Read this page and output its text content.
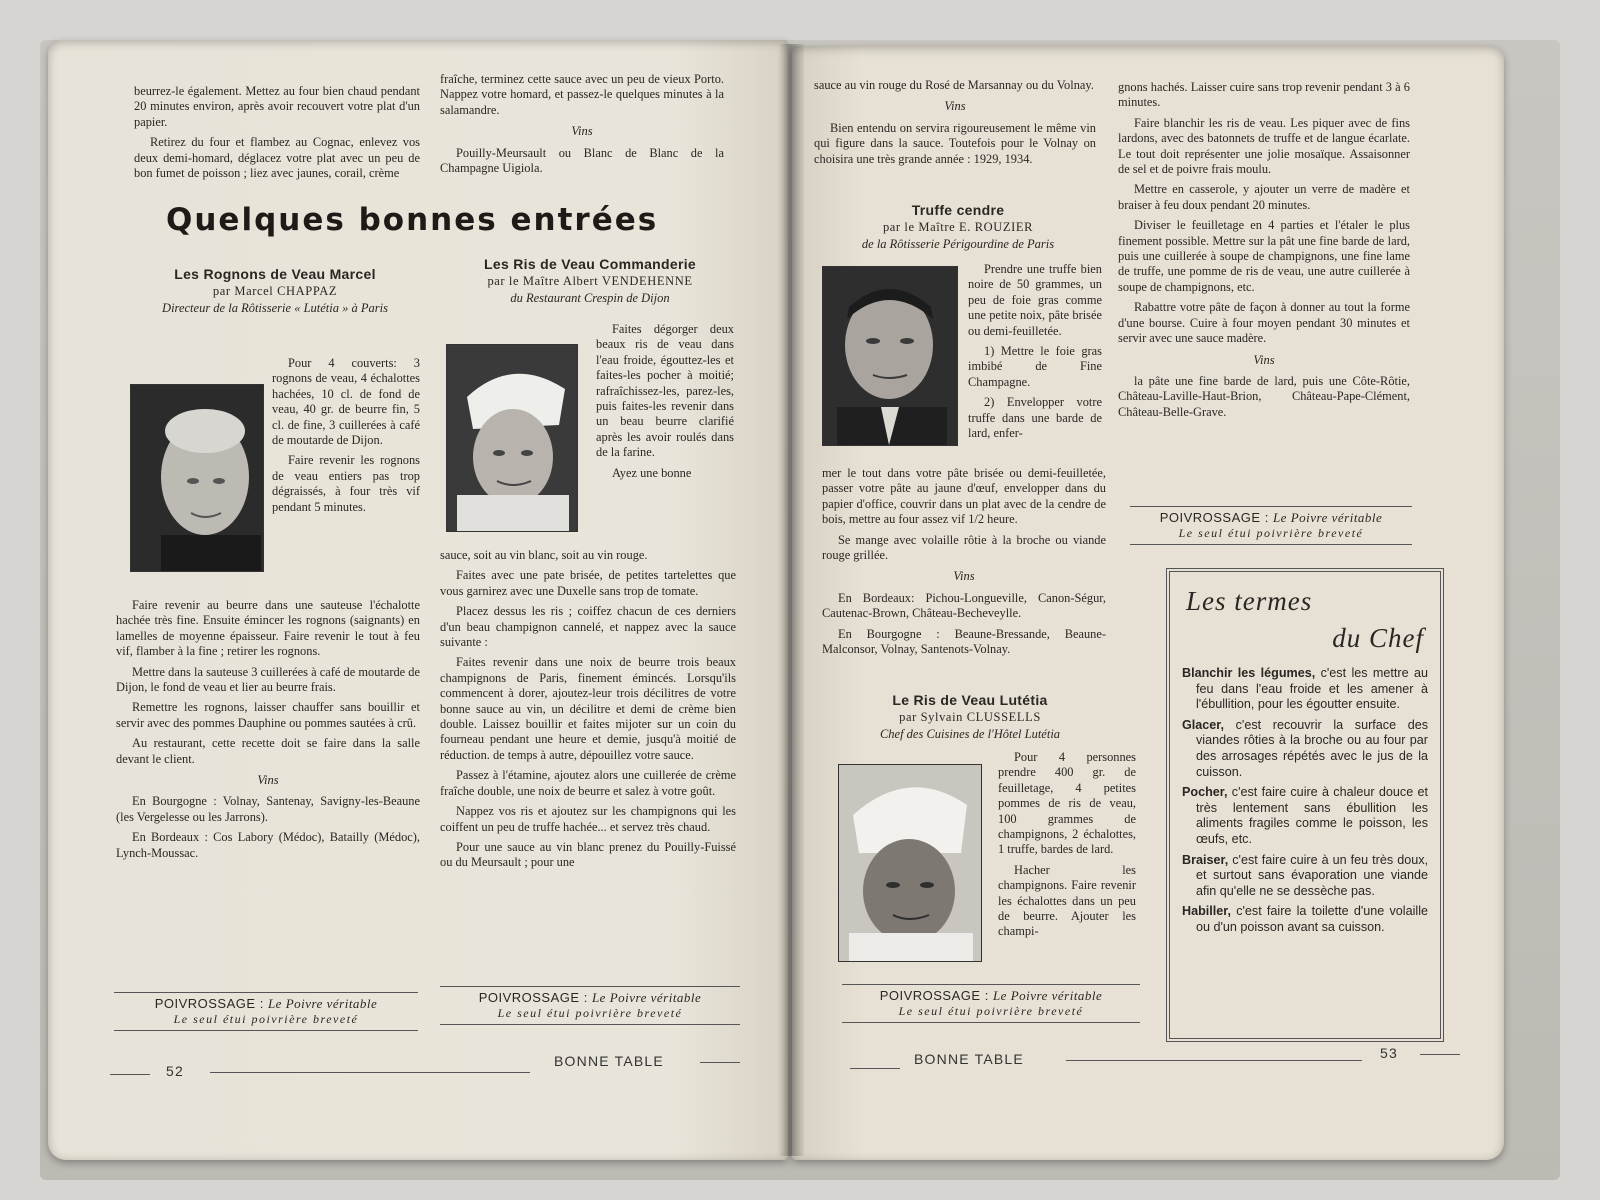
beurrez-le également. Mettez au four bien chaud pendant 20 minutes environ, après avoir recouvert votre plat d'un papier.

Retirez du four et flambez au Cognac, enlevez vos deux demi-homard, déglacez votre plat avec un peu de bon fumet de poisson ; liez avec jaunes, corail, crème

fraîche, terminez cette sauce avec un peu de vieux Porto. Nappez votre homard, et passez-le quelques minutes à la salamandre.

Vins

Pouilly-Meursault ou Blanc de Blanc de la Champagne Uigiola.

Quelques bonnes entrées
Les Rognons de Veau Marcel
par Marcel CHAPPAZ
Directeur de la Rôtisserie « Lutétia » à Paris

Pour 4 couverts: 3 rognons de veau, 4 échalottes hachées, 10 cl. de fond de veau, 40 gr. de beurre fin, 5 cl. de fine, 3 cuillerées à café de moutarde de Dijon.

Faire revenir les rognons de veau entiers pas trop dégraissés, à four très vif pendant 5 minutes.

Faire revenir au beurre dans une sauteuse l'échalotte hachée très fine. Ensuite émincer les rognons (saignants) en lamelles de moyenne épaisseur. Faire revenir le tout à feu vif, flamber à la fine ; retirer les rognons.

Mettre dans la sauteuse 3 cuillerées à café de moutarde de Dijon, le fond de veau et lier au beurre frais.

Remettre les rognons, laisser chauffer sans bouillir et servir avec des pommes Dauphine ou pommes sautées à crû.

Au restaurant, cette recette doit se faire dans la salle devant le client.

Vins

En Bourgogne : Volnay, Santenay, Savigny-les-Beaune (les Vergelesse ou les Jarrons).

En Bordeaux : Cos Labory (Médoc), Batailly (Médoc), Lynch-Moussac.

POIVROSSAGE : Le Poivre véritable
Le seul étui poivrière breveté
Les Ris de Veau Commanderie
par le Maître Albert VENDEHENNE
du Restaurant Crespin de Dijon

Faites dégorger deux beaux ris de veau dans l'eau froide, égouttez-les et faites-les pocher à moitié; rafraîchissez-les, parez-les, puis faites-les revenir dans un beau beurre clarifié après les avoir roulés dans de la farine.

Ayez une bonne

sauce, soit au vin blanc, soit au vin rouge.

Faites avec une pate brisée, de petites tartelettes que vous garnirez avec une Duxelle sans trop de tomate.

Placez dessus les ris ; coiffez chacun de ces derniers d'un beau champignon cannelé, et nappez avec la sauce suivante :

Faites revenir dans une noix de beurre trois beaux champignons de Paris, finement émincés. Lorsqu'ils commencent à dorer, ajoutez-leur trois décilitres de votre bonne sauce au vin, un décilitre et demi de crème bien double. Laissez bouillir et faites mijoter sur un coin du fourneau pendant une heure et demie, jusqu'à moitié de réduction. de temps à autre, dépouillez votre sauce.

Passez à l'étamine, ajoutez alors une cuillerée de crème fraîche double, une noix de beurre et salez à votre goût.

Nappez vos ris et ajoutez sur les champignons qui les coiffent un peu de truffe hachée... et servez très chaud.

Pour une sauce au vin blanc prenez du Pouilly-Fuissé ou du Meursault ; pour une

POIVROSSAGE : Le Poivre véritable
Le seul étui poivrière breveté
52
BONNE TABLE

sauce au vin rouge du Rosé de Marsannay ou du Volnay.

Vins

Bien entendu on servira rigoureusement le même vin qui figure dans la sauce. Toutefois pour le Volnay on choisira une très grande année : 1929, 1934.

Truffe cendre
par le Maître E. ROUZIER
de la Rôtisserie Périgourdine de Paris

Prendre une truffe bien noire de 50 grammes, un peu de foie gras comme une petite noix, pâte brisée ou demi-feuilletée.

1) Mettre le foie gras imbibé de Fine Champagne.

2) Envelopper votre truffe dans une barde de lard, enfer-

mer le tout dans votre pâte brisée ou demi-feuilletée, passer votre pâte au jaune d'œuf, envelopper dans du papier d'office, couvrir dans un plat avec de la cendre de bois, mettre au four assez vif 1/2 heure.

Se mange avec volaille rôtie à la broche ou viande rouge grillée.

Vins

En Bordeaux: Pichou-Longueville, Canon-Ségur, Cautenac-Brown, Château-Becheveylle.

En Bourgogne : Beaune-Bressande, Beaune-Malconsor, Volnay, Santenots-Volnay.

Le Ris de Veau Lutétia
par Sylvain CLUSSELLS
Chef des Cuisines de l'Hôtel Lutétia

Pour 4 personnes prendre 400 gr. de feuilletage, 4 petites pommes de ris de veau, 100 grammes de champignons, 2 échalottes, 1 truffe, bardes de lard.

Hacher les champignons. Faire revenir les échalottes dans un peu de beurre. Ajouter les champi-

POIVROSSAGE : Le Poivre véritable
Le seul étui poivrière breveté

gnons hachés. Laisser cuire sans trop revenir pendant 3 à 6 minutes.

Faire blanchir les ris de veau. Les piquer avec de fins lardons, avec des batonnets de truffe et de langue écarlate. Le tout doit représenter une jolie mosaïque. Assaisonner de sel et de poivre frais moulu.

Mettre en casserole, y ajouter un verre de madère et braiser à feu doux pendant 20 minutes.

Diviser le feuilletage en 4 parties et l'étaler le plus finement possible. Mettre sur la pât une fine barde de lard, puis une cuillerée à soupe de champignons, une fine lame de truffe, une pomme de ris de veau, une autre cuillerée à soupe de champignons, etc.

Rabattre votre pâte de façon à donner au tout la forme d'une bourse. Cuire à four moyen pendant 30 minutes et servir avec une sauce madère.

Vins

la pâte une fine barde de lard, puis une Côte-Rôtie, Château-Laville-Haut-Brion, Château-Pape-Clément, Château-Belle-Grave.

POIVROSSAGE : Le Poivre véritable
Le seul étui poivrière breveté
Les termes
du Chef
Blanchir les légumes, c'est les mettre au feu dans l'eau froide et les amener à l'ébullition, pour les égoutter ensuite.
Glacer, c'est recouvrir la surface des viandes rôties à la broche ou au four par des arrosages répétés avec le jus de la cuisson.
Pocher, c'est faire cuire à chaleur douce et très lentement sans ébullition les aliments fragiles comme le poisson, les œufs, etc.
Braiser, c'est faire cuire à un feu très doux, et surtout sans évaporation une viande afin qu'elle ne se dessèche pas.
Habiller, c'est faire la toilette d'une volaille ou d'un poisson avant sa cuisson.
BONNE TABLE	53
